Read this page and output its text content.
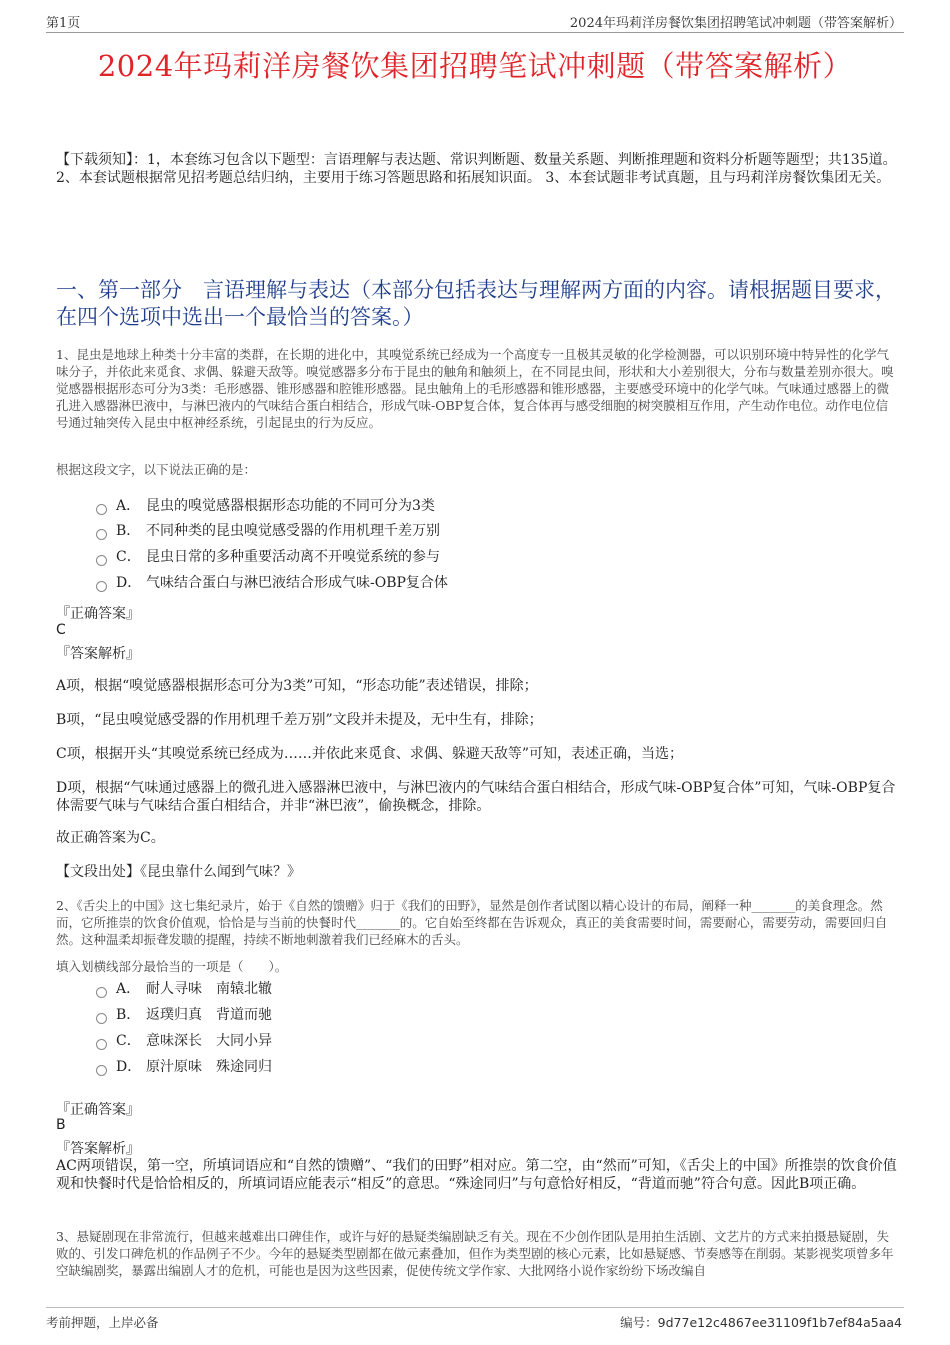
第1页	2024年玛莉洋房餐饮集团招聘笔试冲刺题（带答案解析）
2024年玛莉洋房餐饮集团招聘笔试冲刺题（带答案解析）
【下载须知】：1，本套练习包含以下题型：言语理解与表达题、常识判断题、数量关系题、判断推理题和资料分析题等题型；共135道。 2、本套试题根据常见招考题总结归纳，主要用于练习答题思路和拓展知识面。 3、本套试题非考试真题，且与玛莉洋房餐饮集团无关。
一、第一部分　言语理解与表达（本部分包括表达与理解两方面的内容。请根据题目要求，在四个选项中选出一个最恰当的答案。）
1、昆虫是地球上种类十分丰富的类群，在长期的进化中，其嗅觉系统已经成为一个高度专一且极其灵敏的化学检测器，可以识别环境中特异性的化学气味分子，并依此来觅食、求偶、躲避天敌等。嗅觉感器多分布于昆虫的触角和触须上，在不同昆虫间，形状和大小差别很大，分布与数量差别亦很大。嗅觉感器根据形态可分为3类：毛形感器、锥形感器和腔锥形感器。昆虫触角上的毛形感器和锥形感器，主要感受环境中的化学气味。气味通过感器上的微孔进入感器淋巴液中，与淋巴液内的气味结合蛋白相结合，形成气味-OBP复合体，复合体再与感受细胞的树突膜相互作用，产生动作电位。动作电位信号通过轴突传入昆虫中枢神经系统，引起昆虫的行为反应。
根据这段文字，以下说法正确的是：
A． 昆虫的嗅觉感器根据形态功能的不同可分为3类
B． 不同种类的昆虫嗅觉感受器的作用机理千差万别
C． 昆虫日常的多种重要活动离不开嗅觉系统的参与
D． 气味结合蛋白与淋巴液结合形成气味-OBP复合体
『正确答案』
C
『答案解析』
A项，根据“嗅觉感器根据形态可分为3类”可知，“形态功能”表述错误，排除；
B项，“昆虫嗅觉感受器的作用机理千差万别”文段并未提及，无中生有，排除；
C项，根据开头“其嗅觉系统已经成为……并依此来觅食、求偶、躲避天敌等”可知，表述正确，当选；
D项，根据“气味通过感器上的微孔进入感器淋巴液中，与淋巴液内的气味结合蛋白相结合，形成气味-OBP复合体”可知，气味-OBP复合体需要气味与气味结合蛋白相结合，并非“淋巴液”，偷换概念，排除。
故正确答案为C。
【文段出处】《昆虫靠什么闻到气味？》
2、《舌尖上的中国》这七集纪录片，始于《自然的馈赠》归于《我们的田野》，显然是创作者试图以精心设计的布局，阐释一种_______的美食理念。然而，它所推崇的饮食价值观，恰恰是与当前的快餐时代_______的。它自始至终都在告诉观众，真正的美食需要时间，需要耐心，需要劳动，需要回归自然。这种温柔却振聋发聩的提醒，持续不断地刺激着我们已经麻木的舌头。
填入划横线部分最恰当的一项是（　　）。
A． 耐人寻味　南辕北辙
B． 返璞归真　背道而驰
C． 意味深长　大同小异
D． 原汁原味　殊途同归
『正确答案』
B
『答案解析』
AC两项错误，第一空，所填词语应和“自然的馈赠”、“我们的田野”相对应。第二空，由“然而”可知，《舌尖上的中国》所推崇的饮食价值观和快餐时代是恰恰相反的，所填词语应能表示“相反”的意思。“殊途同归”与句意恰好相反，“背道而驰”符合句意。因此B项正确。
3、悬疑剧现在非常流行，但越来越难出口碑佳作，或许与好的悬疑类编剧缺乏有关。现在不少创作团队是用拍生活剧、文艺片的方式来拍摄悬疑剧，失败的、引发口碑危机的作品例子不少。今年的悬疑类型剧都在做元素叠加，但作为类型剧的核心元素，比如悬疑感、节奏感等在削弱。某影视奖项曾多年空缺编剧奖，暴露出编剧人才的危机，可能也是因为这些因素，促使传统文学作家、大批网络小说作家纷纷下场改编自
考前押题，上岸必备	编号：9d77e12c4867ee31109f1b7ef84a5aa4
